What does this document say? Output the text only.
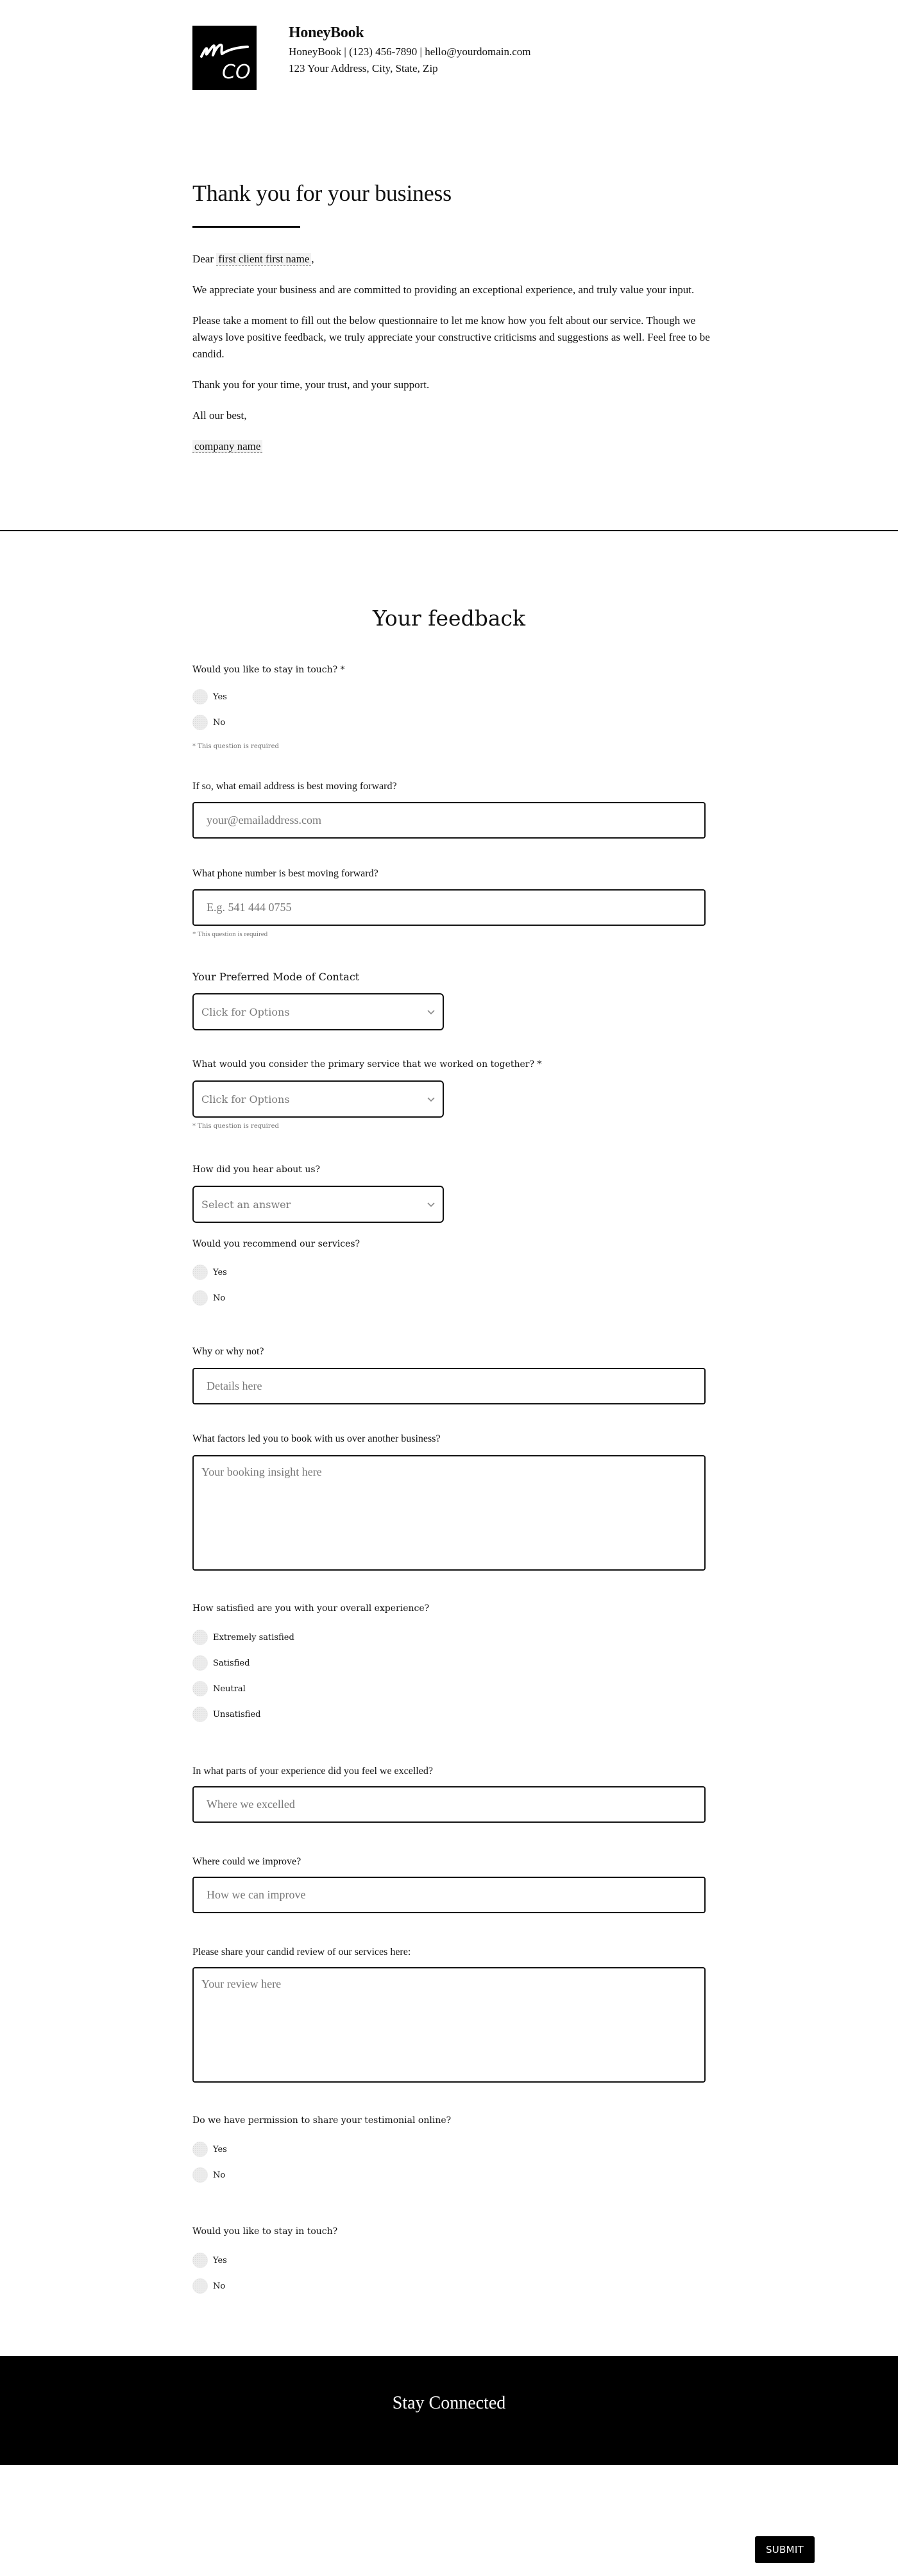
CO
HoneyBook
HoneyBook | (123) 456-7890 | hello@yourdomain.com
123 Your Address, City, State, Zip
Thank you for your business

Dear first client first name ,

We appreciate your business and are committed to providing an exceptional experience, and truly value your input.

Please take a moment to fill out the below questionnaire to let me know how you felt about our service. Though we always love positive feedback, we truly appreciate your constructive criticisms and suggestions as well. Feel free to be candid.

Thank you for your time, your trust, and your support.

All our best,

company name

Your feedback
Would you like to stay in touch? *
Yes
No
* This question is required
If so, what email address is best moving forward?
your@emailaddress.com
What phone number is best moving forward?
E.g. 541 444 0755
* This question is required
Your Preferred Mode of Contact
Click for Options
What would you consider the primary service that we worked on together? *
Click for Options
* This question is required
How did you hear about us?
Select an answer
Would you recommend our services?
Yes
No
Why or why not?
Details here
What factors led you to book with us over another business?
Your booking insight here
How satisfied are you with your overall experience?
Extremely satisfied
Satisfied
Neutral
Unsatisfied
In what parts of your experience did you feel we excelled?
Where we excelled
Where could we improve?
How we can improve
Please share your candid review of our services here:
Your review here
Do we have permission to share your testimonial online?
Yes
No
Would you like to stay in touch?
Yes
No
Stay Connected
SUBMIT
